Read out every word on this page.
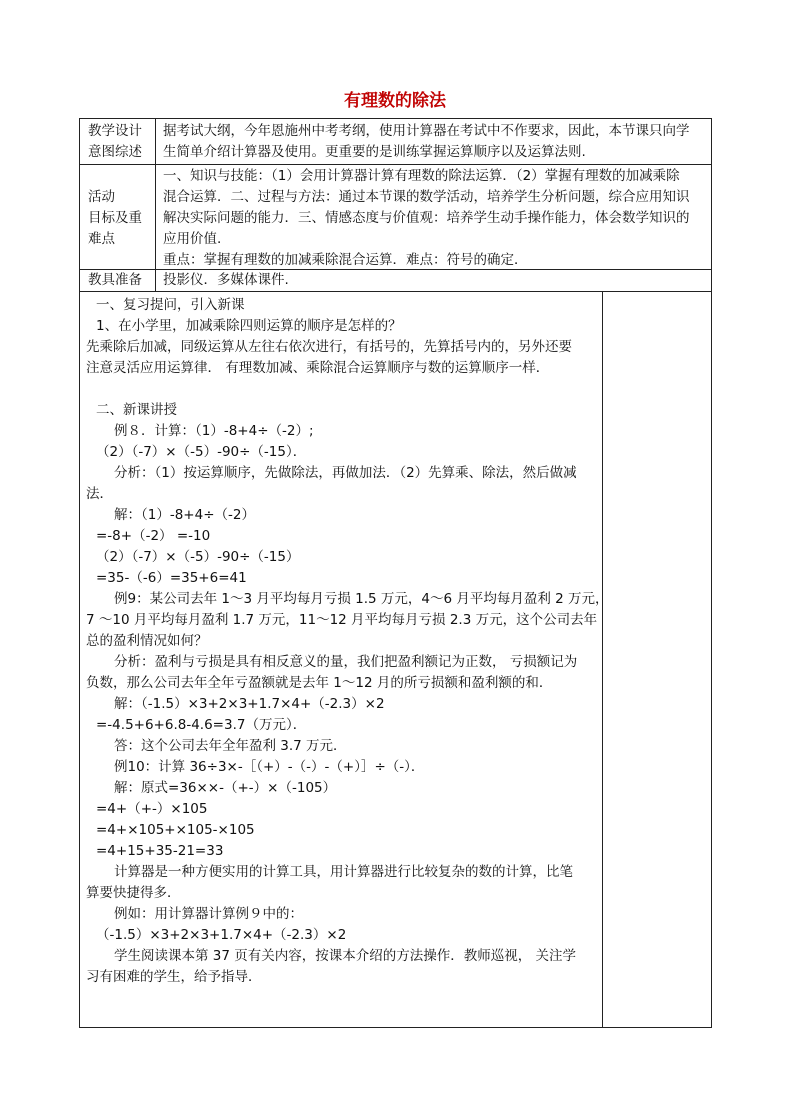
有理数的除法
教学设计
意图综述
据考试大纲，今年恩施州中考考纲，使用计算器在考试中不作要求，因此，本节课只向学
生简单介绍计算器及使用。更重要的是训练掌握运算顺序以及运算法则.
活动
目标及重
难点
一、知识与技能：（1）会用计算器计算有理数的除法运算．（2）掌握有理数的加减乘除
混合运算．二、过程与方法：通过本节课的数学活动，培养学生分析问题，综合应用知识
解决实际问题的能力．三、情感态度与价值观：培养学生动手操作能力，体会数学知识的
应用价值.
重点：掌握有理数的加减乘除混合运算．难点：符号的确定．
教具准备	投影仪．多媒体课件.

一、复习提问，引入新课

1、在小学里，加减乘除四则运算的顺序是怎样的？

先乘除后加减，同级运算从左往右依次进行，有括号的，先算括号内的，另外还要

注意灵活应用运算律． 有理数加减、乘除混合运算顺序与数的运算顺序一样．

二、新课讲授

例８．计算：（1）-8+4÷（-2）;

（2）（-7）×（-5）-90÷（-15）．

分析：（1）按运算顺序，先做除法，再做加法．（2）先算乘、除法，然后做减

法．

解：（1）-8+4÷（-2）

=-8+（-2） =-10

（2）（-7）×（-5）-90÷（-15）

=35-（-6）=35+6=41

例9：某公司去年 1～3 月平均每月亏损 1.5 万元，4～6 月平均每月盈利 2 万元，

7 ～10 月平均每月盈利 1.7 万元，11～12 月平均每月亏损 2.3 万元，这个公司去年

总的盈利情况如何？

分析：盈利与亏损是具有相反意义的量，我们把盈利额记为正数， 亏损额记为

负数，那么公司去年全年亏盈额就是去年 1～12 月的所亏损额和盈利额的和．

解：（-1.5）×3+2×3+1.7×4+（-2.3）×2

=-4.5+6+6.8-4.6=3.7（万元）．

答：这个公司去年全年盈利 3.7 万元．

例10：计算 36÷3×-［（+）-（-）-（+）］÷（-）．

解：原式=36××-（+-）×（-105）

=4+（+-）×105

=4+×105+×105-×105

=4+15+35-21=33

计算器是一种方便实用的计算工具，用计算器进行比较复杂的数的计算，比笔

算要快捷得多．

例如：用计算器计算例９中的：

（-1.5）×3+2×3+1.7×4+（-2.3）×2

学生阅读课本第 37 页有关内容，按课本介绍的方法操作．教师巡视， 关注学

习有困难的学生，给予指导．
